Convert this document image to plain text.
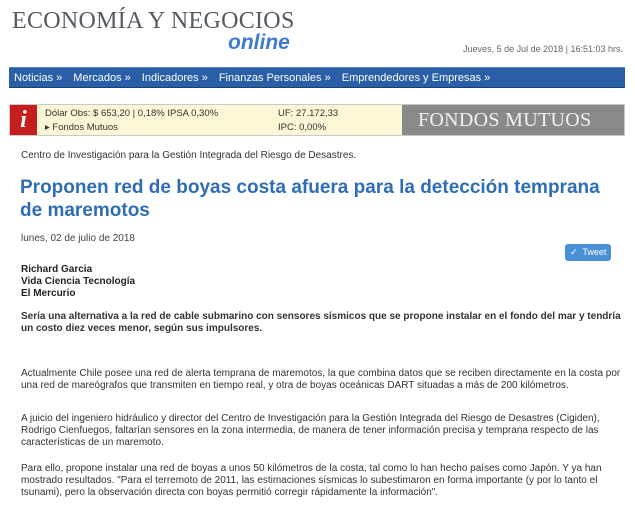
ECONOMÍA Y NEGOCIOS
online	Jueves, 5 de Jul de 2018 | 16:51:03 hrs.
Noticias »	Mercados »	Indicadores »	Finanzas Personales »	Emprendedores y Empresas »
i	Dólar Obs: $ 653,20 | 0,18% IPSA 0,30%
▸ Fondos Mutuos
UF: 27.172,33
IPC: 0,00%	FONDOS MUTUOS
Centro de Investigación para la Gestión Integrada del Riesgo de Desastres.
Proponen red de boyas costa afuera para la detección temprana de maremotos
lunes, 02 de julio de 2018
✓ Tweet
Richard Garcia
Vida Ciencia Tecnología
El Mercurio

Sería una alternativa a la red de cable submarino con sensores sísmicos que se propone instalar en el fondo del mar y tendría un costo diez veces menor, según sus impulsores.

Actualmente Chile posee una red de alerta temprana de maremotos, la que combina datos que se reciben directamente en la costa por una red de mareógrafos que transmiten en tiempo real, y otra de boyas oceánicas DART situadas a más de 200 kilómetros.

A juicio del ingeniero hidráulico y director del Centro de Investigación para la Gestión Integrada del Riesgo de Desastres (Cigiden), Rodrigo Cienfuegos, faltarían sensores en la zona intermedia, de manera de tener información precisa y temprana respecto de las características de un maremoto.

Para ello, propone instalar una red de boyas a unos 50 kilómetros de la costa, tal como lo han hecho países como Japón. Y ya han mostrado resultados. "Para el terremoto de 2011, las estimaciones sísmicas lo subestimaron en forma importante (y por lo tanto el tsunami), pero la observación directa con boyas permitió corregir rápidamente la información".
